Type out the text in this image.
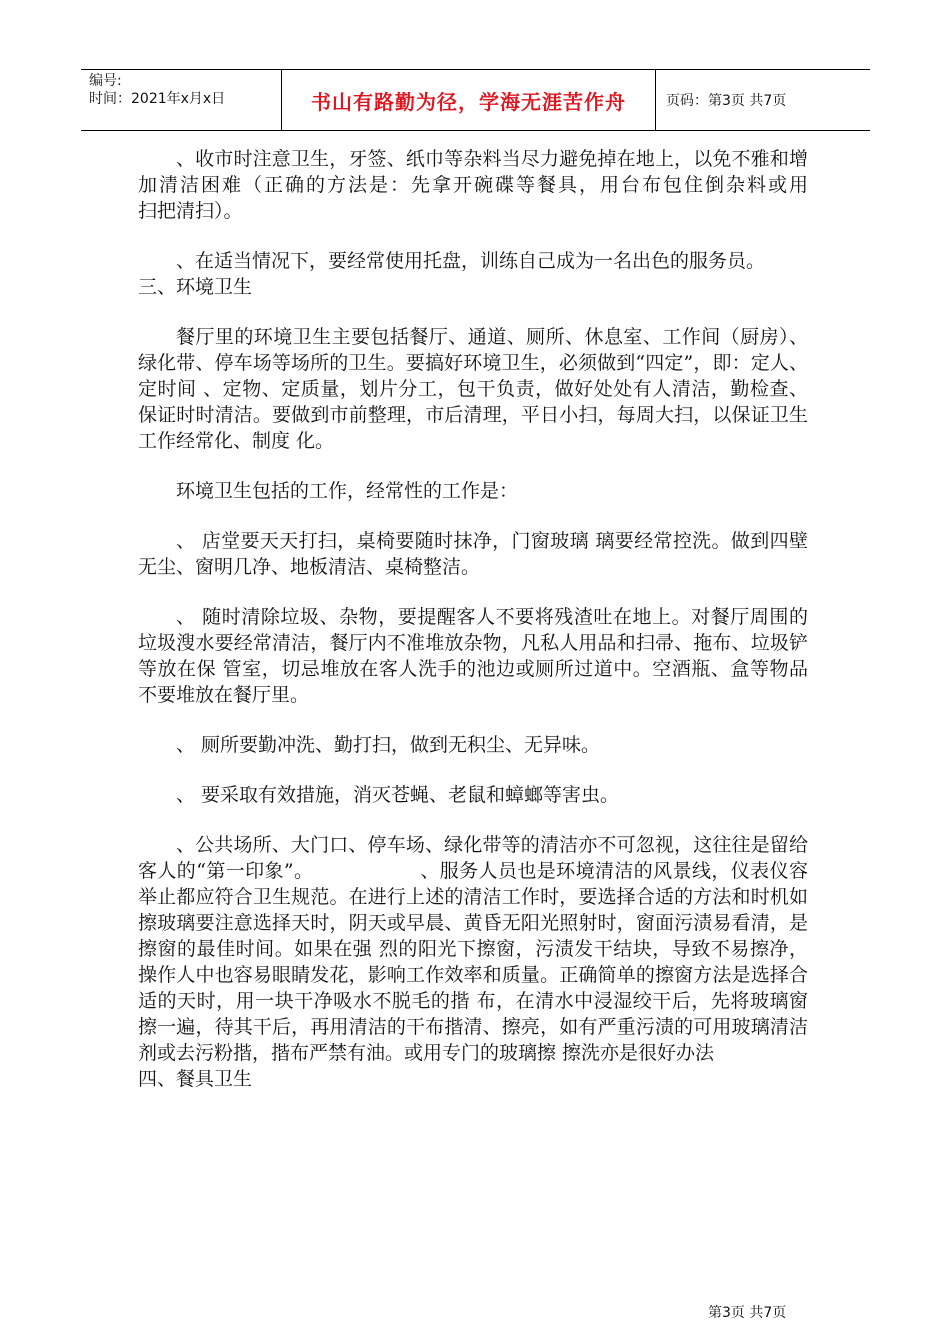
编号:
时间：2021年x月x日	书山有路勤为径，学海无涯苦作舟	页码：第3页 共7页

、收市时注意卫生，牙签、纸巾等杂料当尽力避免掉在地上，以免不雅和增　　　加清洁困难（正确的方法是：先拿开碗碟等餐具，用台布包住倒杂料或用　　　扫把清扫）。

、在适当情况下，要经常使用托盘，训练自己成为一名出色的服务员。

三、环境卫生

餐厅里的环境卫生主要包括餐厅、通道、厕所、休息室、工作间（厨房）、绿化带、停车场等场所的卫生。要搞好环境卫生，必须做到“四定”，即：定人、定时间 、定物、定质量，划片分工，包干负责，做好处处有人清洁，勤检查、保证时时清洁。要做到市前整理，市后清理，平日小扫，每周大扫，以保证卫生工作经常化、制度 化。

环境卫生包括的工作，经常性的工作是：

、 店堂要天天打扫，桌椅要随时抹净，门窗玻璃 璃要经常控洗。做到四壁无尘、窗明几净、地板清洁、桌椅整洁。

、 随时清除垃圾、杂物，要提醒客人不要将残渣吐在地上。对餐厅周围的垃圾溲水要经常清洁，餐厅内不准堆放杂物，凡私人用品和扫帚、拖布、垃圾铲等放在保 管室，切忌堆放在客人洗手的池边或厕所过道中。空酒瓶、盒等物品不要堆放在餐厅里。

、 厕所要勤冲洗、勤打扫，做到无积尘、无异味。

、 要采取有效措施，消灭苍蝇、老鼠和蟑螂等害虫。

、公共场所、大门口、停车场、绿化带等的清洁亦不可忽视，这往往是留给客人的“第一印象”。　　　　　　、服务人员也是环境清洁的风景线，仪表仪容举止都应符合卫生规范。在进行上述的清洁工作时，要选择合适的方法和时机如擦玻璃要注意选择天时，阴天或早晨、黄昏无阳光照射时，窗面污渍易看清，是擦窗的最佳时间。如果在强 烈的阳光下擦窗，污渍发干结块，导致不易擦净，操作人中也容易眼睛发花，影响工作效率和质量。正确简单的擦窗方法是选择合适的天时，用一块干净吸水不脱毛的揩 布，在清水中浸湿绞干后，先将玻璃窗擦一遍，待其干后，再用清洁的干布揩清、擦亮，如有严重污渍的可用玻璃清洁剂或去污粉揩，揩布严禁有油。或用专门的玻璃擦 擦洗亦是很好办法

四、餐具卫生

第3页 共7页
